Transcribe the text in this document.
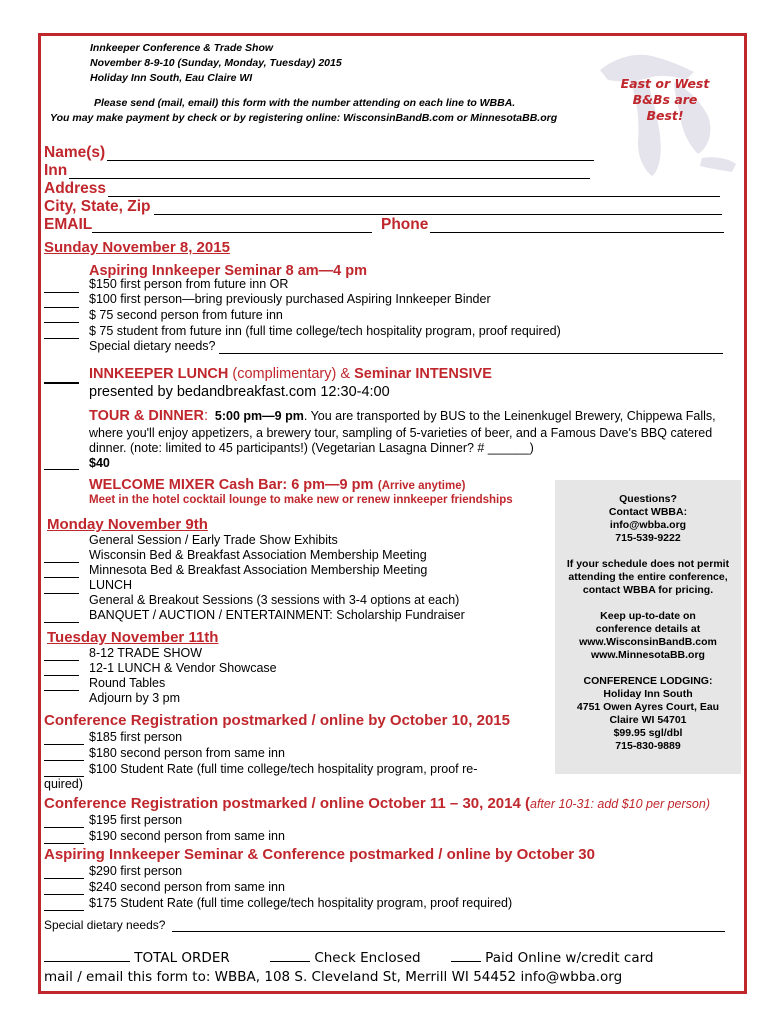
East or West B&Bs are Best!
Innkeeper Conference & Trade Show
November 8-9-10 (Sunday, Monday, Tuesday) 2015
Holiday Inn South, Eau Claire WI
Please send (mail, email) this form with the number attending on each line to WBBA.
You may make payment by check or by registering online: WisconsinBandB.com or MinnesotaBB.org
Name(s)
Inn
Address
City, State, Zip
EMAIL	Phone
Sunday November 8, 2015
Aspiring Innkeeper Seminar 8 am—4 pm
$150 first person from future inn OR
$100 first person—bring previously purchased Aspiring Innkeeper Binder
$ 75 second person from future inn
$ 75 student from future inn (full time college/tech hospitality program, proof required)
Special dietary needs?
INNKEEPER LUNCH (complimentary) & Seminar INTENSIVE
presented by bedandbreakfast.com 12:30-4:00
TOUR & DINNER: 5:00 pm—9 pm. You are transported by BUS to the Leinenkugel Brewery, Chippewa Falls,
where you'll enjoy appetizers, a brewery tour, sampling of 5-varieties of beer, and a Famous Dave's BBQ catered
dinner. (note: limited to 45 participants!) (Vegetarian Lasagna Dinner? # ______)
$40
WELCOME MIXER Cash Bar: 6 pm—9 pm (Arrive anytime)
Meet in the hotel cocktail lounge to make new or renew innkeeper friendships
Monday November 9th
General Session / Early Trade Show Exhibits
Wisconsin Bed & Breakfast Association Membership Meeting
Minnesota Bed & Breakfast Association Membership Meeting
LUNCH
General & Breakout Sessions (3 sessions with 3-4 options at each)
BANQUET / AUCTION / ENTERTAINMENT: Scholarship Fundraiser
Tuesday November 11th
8-12 TRADE SHOW
12-1 LUNCH & Vendor Showcase
Round Tables
Adjourn by 3 pm
Conference Registration postmarked / online by October 10, 2015
$185 first person
$180 second person from same inn
$100 Student Rate (full time college/tech hospitality program, proof re-
quired)
Conference Registration postmarked / online October 11 – 30, 2014 (after 10-31: add $10 per person)
$195 first person
$190 second person from same inn
Aspiring Innkeeper Seminar & Conference postmarked / online by October 30
$290 first person
$240 second person from same inn
$175 Student Rate (full time college/tech hospitality program, proof required)
Special dietary needs?

Questions?

Contact WBBA:

info@wbba.org

715-539-9222

If your schedule does not permit

attending the entire conference,

contact WBBA for pricing.

Keep up-to-date on

conference details at

www.WisconsinBandB.com

www.MinnesotaBB.org

CONFERENCE LODGING:

Holiday Inn South

4751 Owen Ayres Court, Eau

Claire WI 54701

$99.95 sgl/dbl

715-830-9889

TOTAL ORDER	Check Enclosed	Paid Online w/credit card
mail / email this form to: WBBA, 108 S. Cleveland St, Merrill WI 54452 info@wbba.org
